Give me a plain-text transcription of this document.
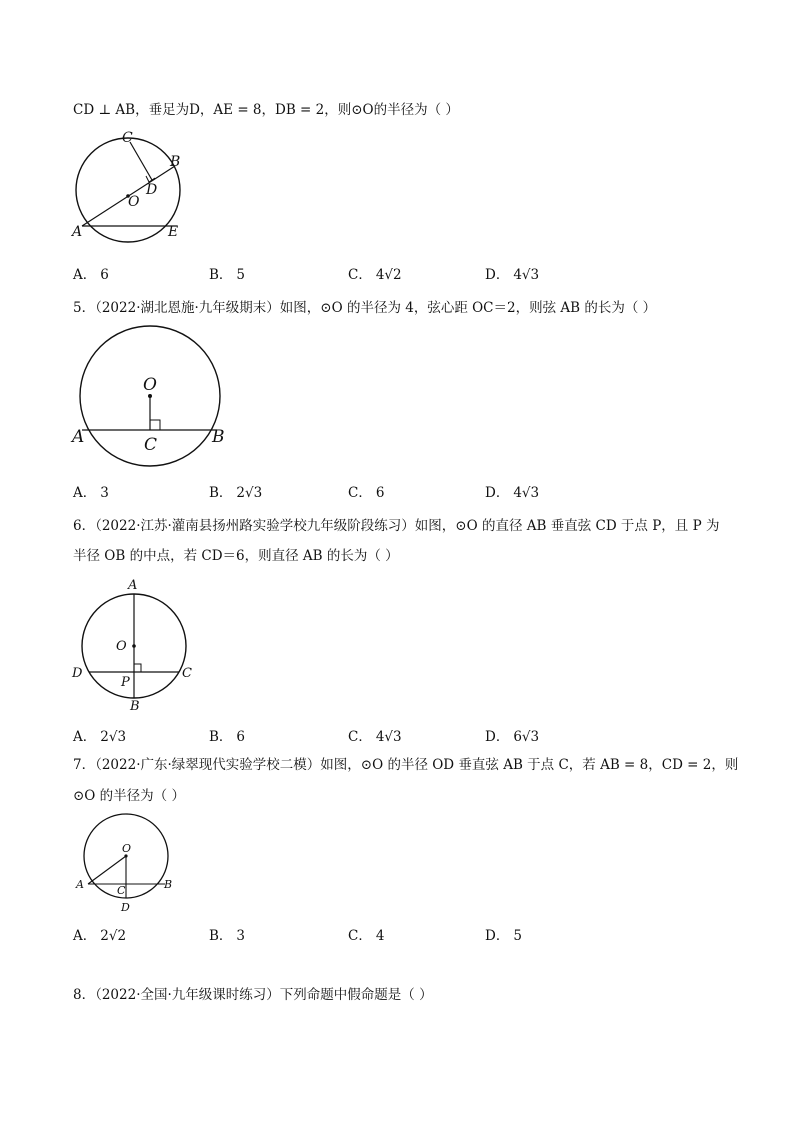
CD ⊥ AB，垂足为D，AE = 8，DB = 2，则⊙O的半径为（ ）
C
B
D
O
A	E
A． 6	B． 5	C． 4√2	D． 4√3
5．（2022·湖北恩施·九年级期末）如图，⊙O 的半径为 4，弦心距 OC＝2，则弦 AB 的长为（ ）
O
A	C	B
A． 3	B． 2√3	C． 6	D． 4√3
6．（2022·江苏·灌南县扬州路实验学校九年级阶段练习）如图，⊙O 的直径 AB 垂直弦 CD 于点 P，且 P 为
半径 OB 的中点，若 CD＝6，则直径 AB 的长为（ ）
A
O
D
P
C
B
A． 2√3	B． 6	C． 4√3	D． 6√3
7．（2022·广东·绿翠现代实验学校二模）如图，⊙O 的半径 OD 垂直弦 AB 于点 C，若 AB = 8，CD = 2，则
⊙O 的半径为（ ）
O
A	C	B
D
A． 2√2	B． 3	C． 4	D． 5
8．（2022·全国·九年级课时练习）下列命题中假命题是（ ）
